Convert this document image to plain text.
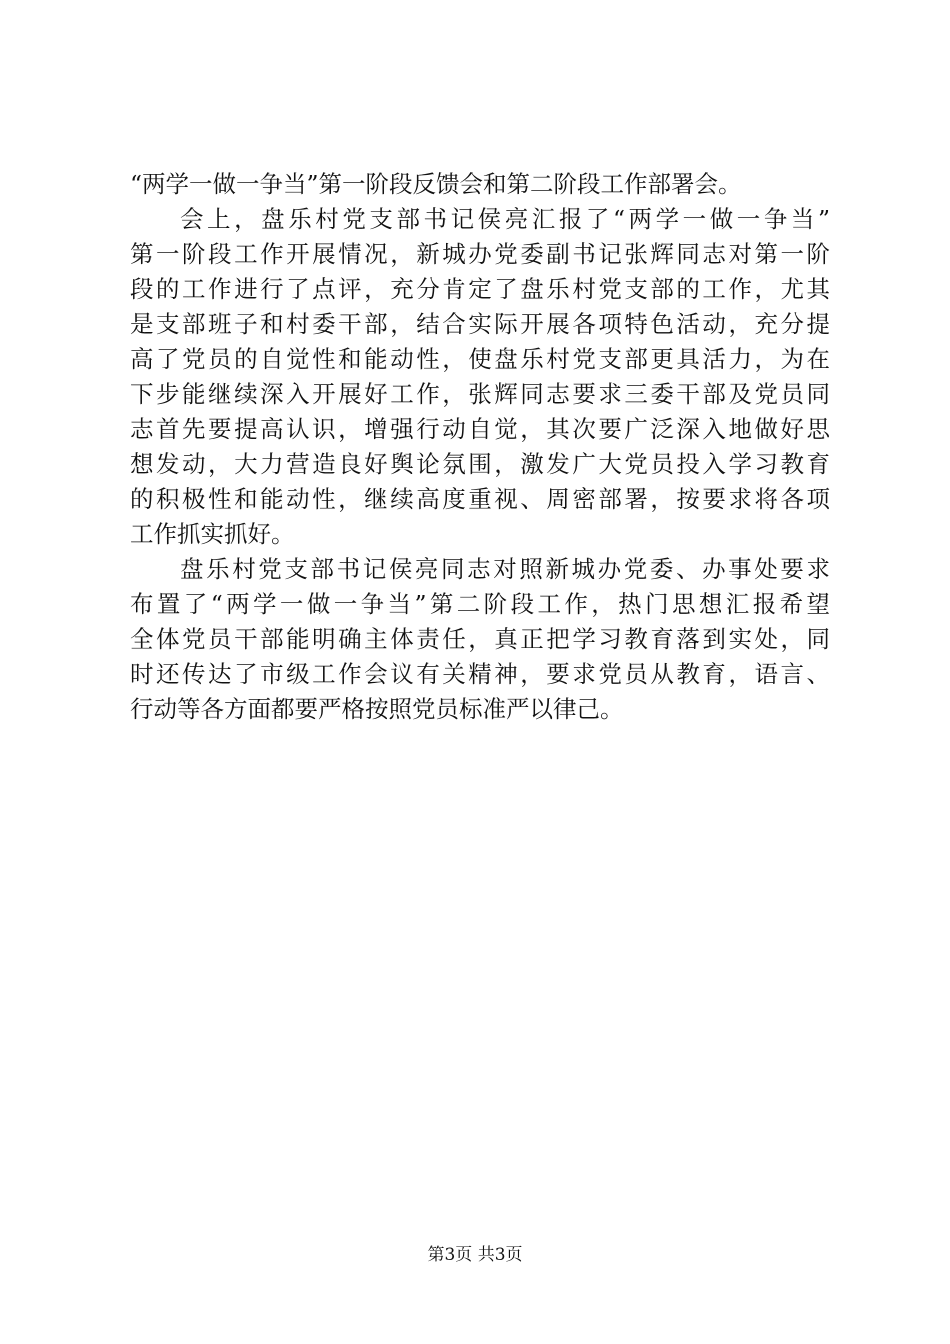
“两学一做一争当”第一阶段反馈会和第二阶段工作部署会。
会上，盘乐村党支部书记侯亮汇报了“两学一做一争当”
第一阶段工作开展情况，新城办党委副书记张辉同志对第一阶
段的工作进行了点评，充分肯定了盘乐村党支部的工作，尤其
是支部班子和村委干部，结合实际开展各项特色活动，充分提
高了党员的自觉性和能动性，使盘乐村党支部更具活力，为在
下步能继续深入开展好工作，张辉同志要求三委干部及党员同
志首先要提高认识，增强行动自觉，其次要广泛深入地做好思
想发动，大力营造良好舆论氛围，激发广大党员投入学习教育
的积极性和能动性，继续高度重视、周密部署，按要求将各项
工作抓实抓好。
盘乐村党支部书记侯亮同志对照新城办党委、办事处要求
布置了“两学一做一争当”第二阶段工作，热门思想汇报希望
全体党员干部能明确主体责任，真正把学习教育落到实处，同
时还传达了市级工作会议有关精神，要求党员从教育，语言、
行动等各方面都要严格按照党员标准严以律己。
第3页 共3页
